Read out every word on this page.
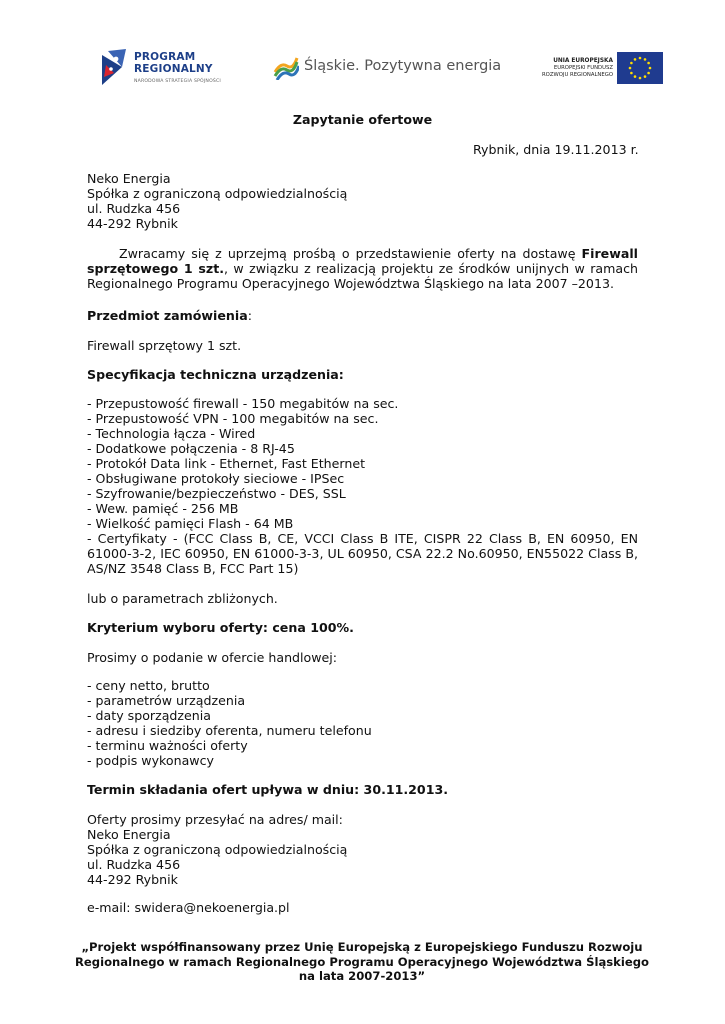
PROGRAM
REGIONALNY
NARODOWA STRATEGIA SPÓJNOŚCI
Śląskie. Pozytywna energia	UNIA EUROPEJSKA
EUROPEJSKI FUNDUSZ
ROZWOJU REGIONALNEGO
Zapytanie ofertowe
Rybnik, dnia 19.11.2013 r.
Neko Energia
Spółka z ograniczoną odpowiedzialnością
ul. Rudzka 456
44-292 Rybnik
Zwracamy się z uprzejmą prośbą o przedstawienie oferty na dostawę Firewall
sprzętowego 1 szt., w związku z realizacją projektu ze środków unijnych w ramach
Regionalnego Programu Operacyjnego Województwa Śląskiego na lata 2007 –2013.
Przedmiot zamówienia:
Firewall sprzętowy 1 szt.
Specyfikacja techniczna urządzenia:
- Przepustowość firewall - 150 megabitów na sec.
- Przepustowość VPN - 100 megabitów na sec.
- Technologia łącza - Wired
- Dodatkowe połączenia - 8 RJ-45
- Protokół Data link - Ethernet, Fast Ethernet
- Obsługiwane protokoły sieciowe - IPSec
- Szyfrowanie/bezpieczeństwo - DES, SSL
- Wew. pamięć - 256 MB
- Wielkość pamięci Flash - 64 MB
- Certyfikaty - (FCC Class B, CE, VCCI Class B ITE, CISPR 22 Class B, EN 60950, EN
61000-3-2, IEC 60950, EN 61000-3-3, UL 60950, CSA 22.2 No.60950, EN55022 Class B,
AS/NZ 3548 Class B, FCC Part 15)
lub o parametrach zbliżonych.
Kryterium wyboru oferty: cena 100%.
Prosimy o podanie w ofercie handlowej:
- ceny netto, brutto
- parametrów urządzenia
- daty sporządzenia
- adresu i siedziby oferenta, numeru telefonu
- terminu ważności oferty
- podpis wykonawcy
Termin składania ofert upływa w dniu: 30.11.2013.
Oferty prosimy przesyłać na adres/ mail:
Neko Energia
Spółka z ograniczoną odpowiedzialnością
ul. Rudzka 456
44-292 Rybnik
e-mail: swidera@nekoenergia.pl
„Projekt współfinansowany przez Unię Europejską z Europejskiego Funduszu Rozwoju
Regionalnego w ramach Regionalnego Programu Operacyjnego Województwa Śląskiego
na lata 2007-2013”
